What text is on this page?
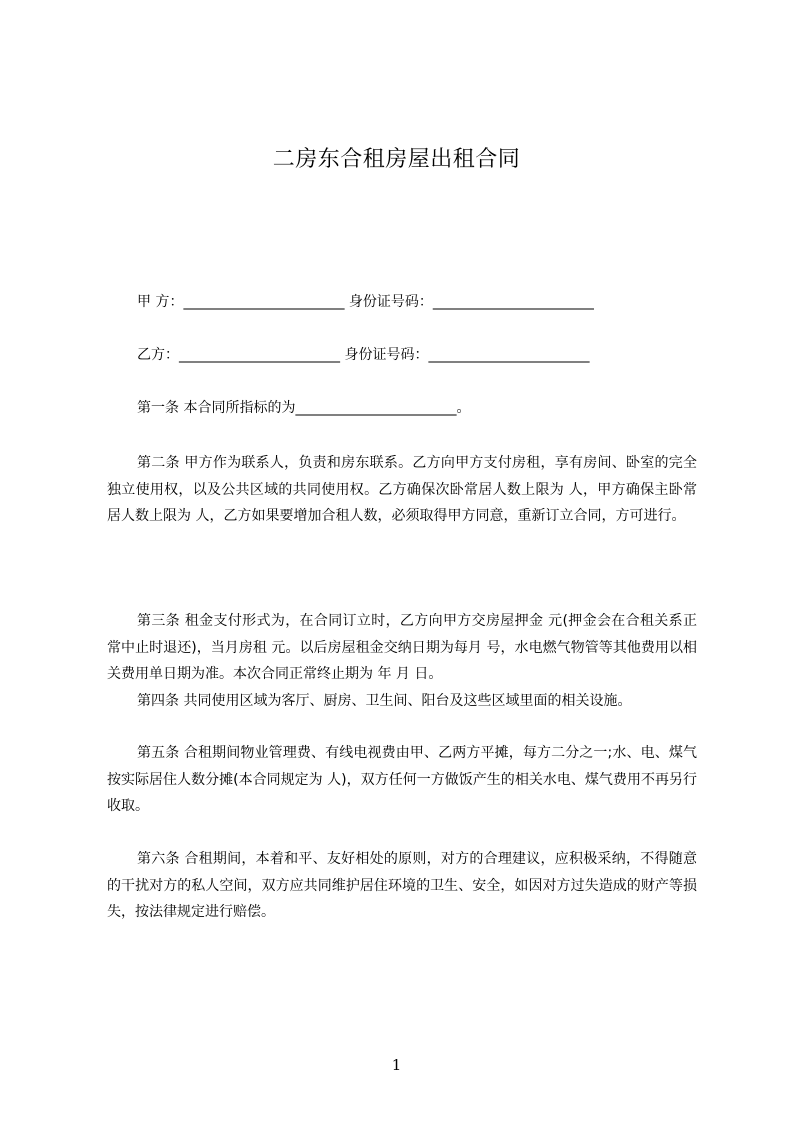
二房东合租房屋出租合同
甲 方：_______________________ 身份证号码：_______________________
乙方：_______________________ 身份证号码：_______________________
第一条 本合同所指标的为_______________________。

第二条 甲方作为联系人，负责和房东联系。乙方向甲方支付房租，享有房间、卧室的完全独立使用权，以及公共区域的共同使用权。乙方确保次卧常居人数上限为 人，甲方确保主卧常居人数上限为 人，乙方如果要增加合租人数，必须取得甲方同意，重新订立合同，方可进行。

第三条 租金支付形式为，在合同订立时，乙方向甲方交房屋押金 元(押金会在合租关系正常中止时退还)，当月房租 元。以后房屋租金交纳日期为每月 号，水电燃气物管等其他费用以相关费用单日期为准。本次合同正常终止期为 年 月 日。

第四条 共同使用区域为客厅、厨房、卫生间、阳台及这些区域里面的相关设施。

第五条 合租期间物业管理费、有线电视费由甲、乙两方平摊，每方二分之一;水、电、煤气按实际居住人数分摊(本合同规定为 人)，双方任何一方做饭产生的相关水电、煤气费用不再另行收取。

第六条 合租期间，本着和平、友好相处的原则，对方的合理建议，应积极采纳，不得随意的干扰对方的私人空间，双方应共同维护居住环境的卫生、安全，如因对方过失造成的财产等损失，按法律规定进行赔偿。

1
